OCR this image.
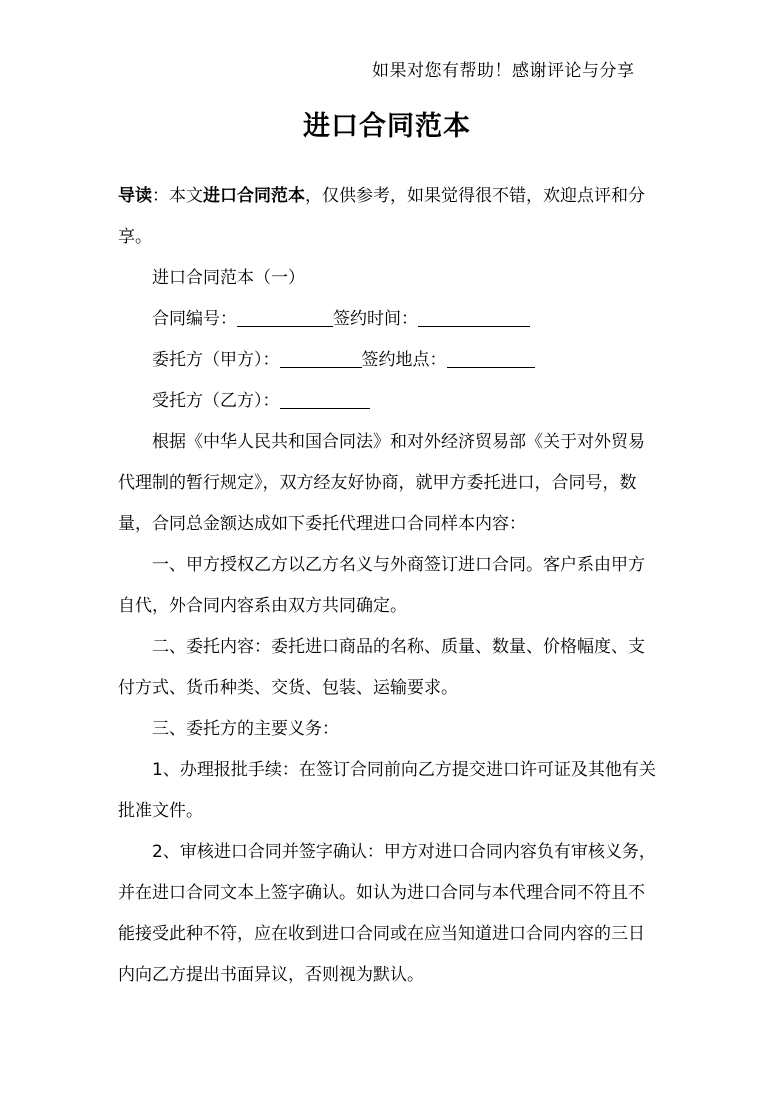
如果对您有帮助！感谢评论与分享
进口合同范本

导读：本文进口合同范本，仅供参考，如果觉得很不错，欢迎点评和分享。

进口合同范本（一）

合同编号：	签约时间：

委托方（甲方）：	签约地点：

受托方（乙方）：

根据《中华人民共和国合同法》和对外经济贸易部《关于对外贸易代理制的暂行规定》，双方经友好协商，就甲方委托进口，合同号，数量，合同总金额达成如下委托代理进口合同样本内容：

一、甲方授权乙方以乙方名义与外商签订进口合同。客户系由甲方自代，外合同内容系由双方共同确定。

二、委托内容：委托进口商品的名称、质量、数量、价格幅度、支付方式、货币种类、交货、包装、运输要求。

三、委托方的主要义务：

1、办理报批手续：在签订合同前向乙方提交进口许可证及其他有关批准文件。

2、审核进口合同并签字确认：甲方对进口合同内容负有审核义务，并在进口合同文本上签字确认。如认为进口合同与本代理合同不符且不能接受此种不符，应在收到进口合同或在应当知道进口合同内容的三日内向乙方提出书面异议，否则视为默认。
